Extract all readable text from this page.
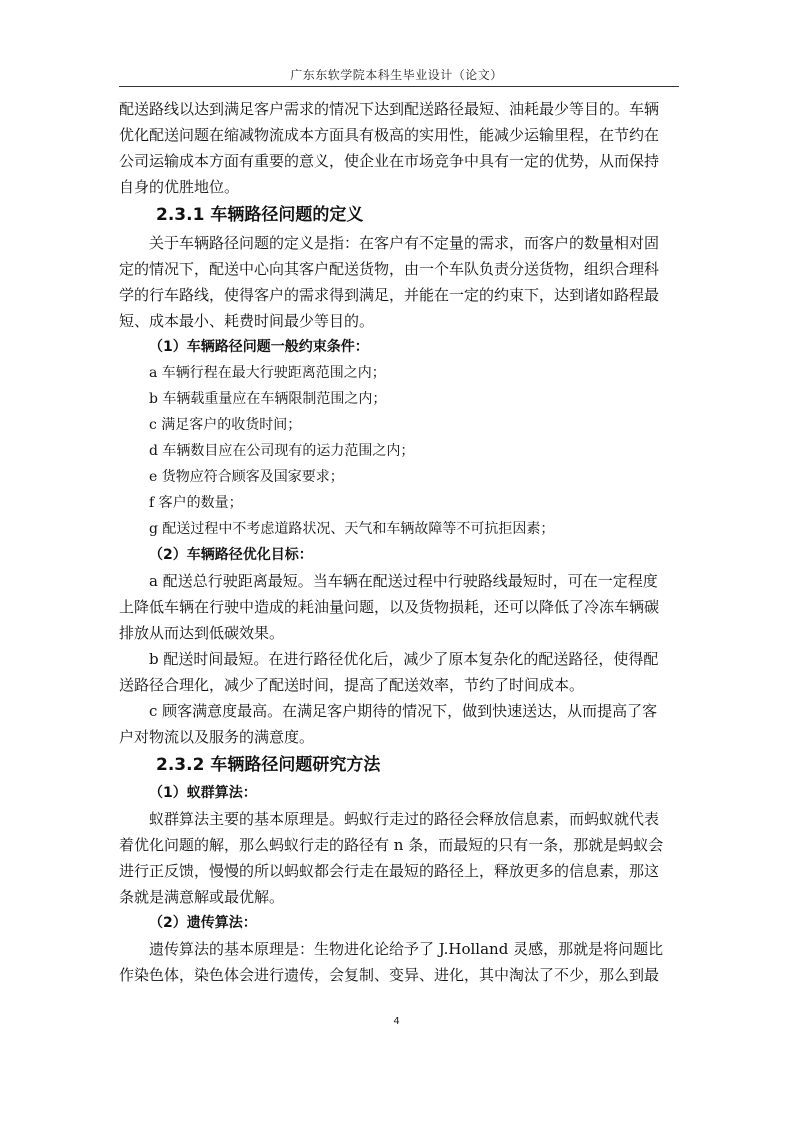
广东东软学院本科生毕业设计（论文）

配送路线以达到满足客户需求的情况下达到配送路径最短、油耗最少等目的。车辆

优化配送问题在缩减物流成本方面具有极高的实用性，能减少运输里程，在节约在

公司运输成本方面有重要的意义，使企业在市场竞争中具有一定的优势，从而保持

自身的优胜地位。

2.3.1 车辆路径问题的定义

关于车辆路径问题的定义是指：在客户有不定量的需求，而客户的数量相对固

定的情况下，配送中心向其客户配送货物，由一个车队负责分送货物，组织合理科

学的行车路线，使得客户的需求得到满足，并能在一定的约束下，达到诸如路程最

短、成本最小、耗费时间最少等目的。

（1）车辆路径问题一般约束条件：

a 车辆行程在最大行驶距离范围之内；

b 车辆载重量应在车辆限制范围之内；

c 满足客户的收货时间；

d 车辆数目应在公司现有的运力范围之内；

e 货物应符合顾客及国家要求；

f 客户的数量；

g 配送过程中不考虑道路状况、天气和车辆故障等不可抗拒因素；

（2）车辆路径优化目标：

a 配送总行驶距离最短。当车辆在配送过程中行驶路线最短时，可在一定程度

上降低车辆在行驶中造成的耗油量问题，以及货物损耗，还可以降低了冷冻车辆碳

排放从而达到低碳效果。

b 配送时间最短。在进行路径优化后，减少了原本复杂化的配送路径，使得配

送路径合理化，减少了配送时间，提高了配送效率，节约了时间成本。

c 顾客满意度最高。在满足客户期待的情况下，做到快速送达，从而提高了客

户对物流以及服务的满意度。

2.3.2 车辆路径问题研究方法
（1）蚁群算法：

蚁群算法主要的基本原理是。蚂蚁行走过的路径会释放信息素，而蚂蚁就代表

着优化问题的解，那么蚂蚁行走的路径有 n 条，而最短的只有一条，那就是蚂蚁会

进行正反馈，慢慢的所以蚂蚁都会行走在最短的路径上，释放更多的信息素，那这

条就是满意解或最优解。

（2）遗传算法：

遗传算法的基本原理是：生物进化论给予了 J.Holland 灵感，那就是将问题比

作染色体，染色体会进行遗传，会复制、变异、进化，其中淘汰了不少，那么到最

4
